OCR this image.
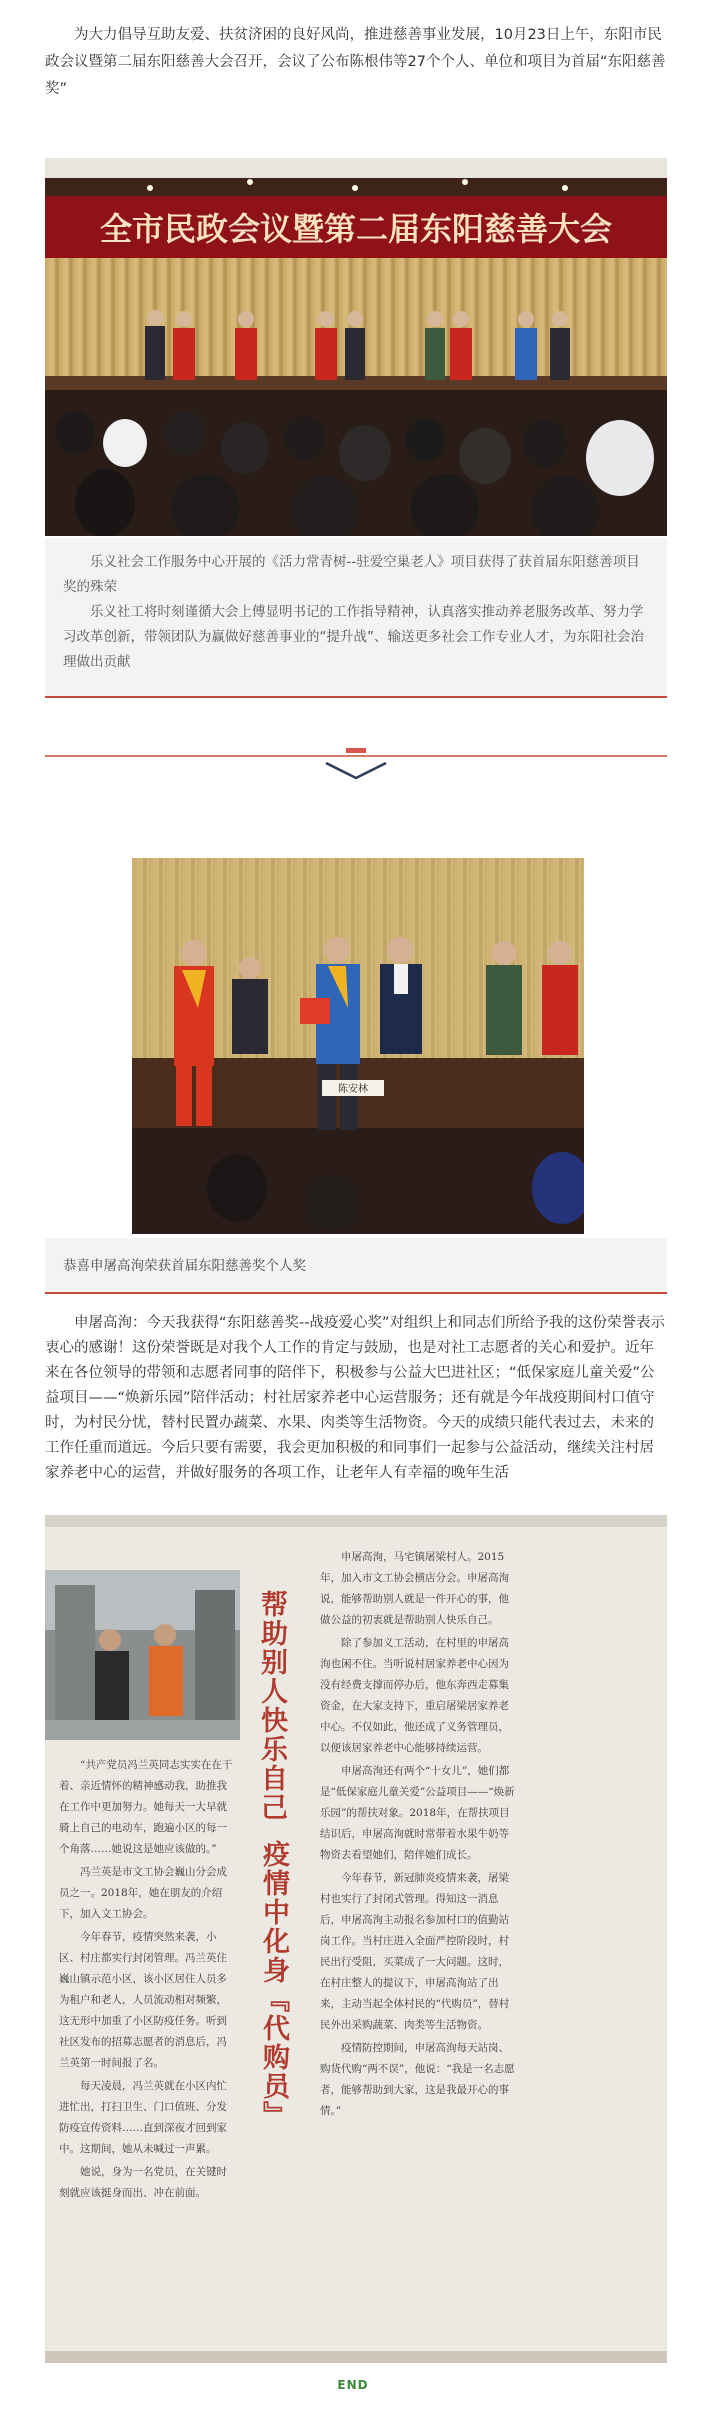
为大力倡导互助友爱、扶贫济困的良好风尚，推进慈善事业发展，10月23日上午，东阳市民政会议暨第二届东阳慈善大会召开，会议了公布陈根伟等27个个人、单位和项目为首届“东阳慈善奖”

全市民政会议暨第二届东阳慈善大会

乐义社会工作服务中心开展的《活力常青树--驻爱空巢老人》项目获得了获首届东阳慈善项目奖的殊荣

乐义社工将时刻谨循大会上傅显明书记的工作指导精神，认真落实推动养老服务改革、努力学习改革创新，带领团队为赢做好慈善事业的“提升战”、输送更多社会工作专业人才，为东阳社会治理做出贡献

陈安林

恭喜申屠高洵荣获首届东阳慈善奖个人奖

申屠高洵：今天我获得“东阳慈善奖--战疫爱心奖”对组织上和同志们所给予我的这份荣誉表示衷心的感谢！这份荣誉既是对我个人工作的肯定与鼓励，也是对社工志愿者的关心和爱护。近年来在各位领导的带领和志愿者同事的陪伴下，积极参与公益大巴进社区；“低保家庭儿童关爱”公益项目——“焕新乐园”陪伴活动；村社居家养老中心运营服务；还有就是今年战疫期间村口值守时，为村民分忧，替村民置办蔬菜、水果、肉类等生活物资。今天的成绩只能代表过去，未来的工作任重而道远。今后只要有需要，我会更加积极的和同事们一起参与公益活动，继续关注村居家养老中心的运营，并做好服务的各项工作，让老年人有幸福的晚年生活

帮助别人快乐自己
疫情中化身『代购员』

“共产党员冯兰英同志实实在在干着、亲近情怀的精神感动我，助推我在工作中更加努力。她每天一大早就骑上自己的电动车，跑遍小区的每一个角落……她说这是她应该做的。”

冯兰英是市文工协会巍山分会成员之一。2018年，她在朋友的介绍下，加入文工协会。

今年春节，疫情突然来袭，小区、村庄都实行封闭管理。冯兰英住巍山镇示范小区，该小区居住人员多为租户和老人，人员流动相对频繁，这无形中加重了小区防疫任务。听到社区发布的招募志愿者的消息后，冯兰英第一时间报了名。

每天凌晨，冯兰英就在小区内忙进忙出，打扫卫生、门口值班、分发防疫宣传资料……直到深夜才回到家中。这期间，她从未喊过一声累。

她说，身为一名党员，在关键时刻就应该挺身而出、冲在前面。

申屠高洵，马宅镇屠梁村人。2015年，加入市文工协会横店分会。申屠高洵说，能够帮助别人就是一件开心的事，他做公益的初衷就是帮助别人快乐自己。

除了参加义工活动，在村里的申屠高洵也闲不住。当听说村居家养老中心因为没有经费支撑而停办后，他东奔西走募集资金，在大家支持下，重启屠梁居家养老中心。不仅如此，他还成了义务管理员，以便该居家养老中心能够持续运营。

申屠高洵还有两个“十女儿”，她们都是“低保家庭儿童关爱”公益项目——“焕新乐园”的帮扶对象。2018年，在帮扶项目结识后，申屠高洵就时常带着水果牛奶等物资去看望她们，陪伴她们成长。

今年春节，新冠肺炎疫情来袭，屠梁村也实行了封闭式管理。得知这一消息后，申屠高洵主动报名参加村口的值勤站岗工作。当村庄进入全面严控阶段时，村民出行受阻，买菜成了一大问题。这时，在村庄整人的提议下，申屠高洵站了出来，主动当起全体村民的“代购员”，替村民外出采购蔬菜、肉类等生活物资。

疫情防控期间，申屠高洵每天站岗、购货代购“两不误”，他说：“我是一名志愿者，能够帮助到大家，这是我最开心的事情。”

END
